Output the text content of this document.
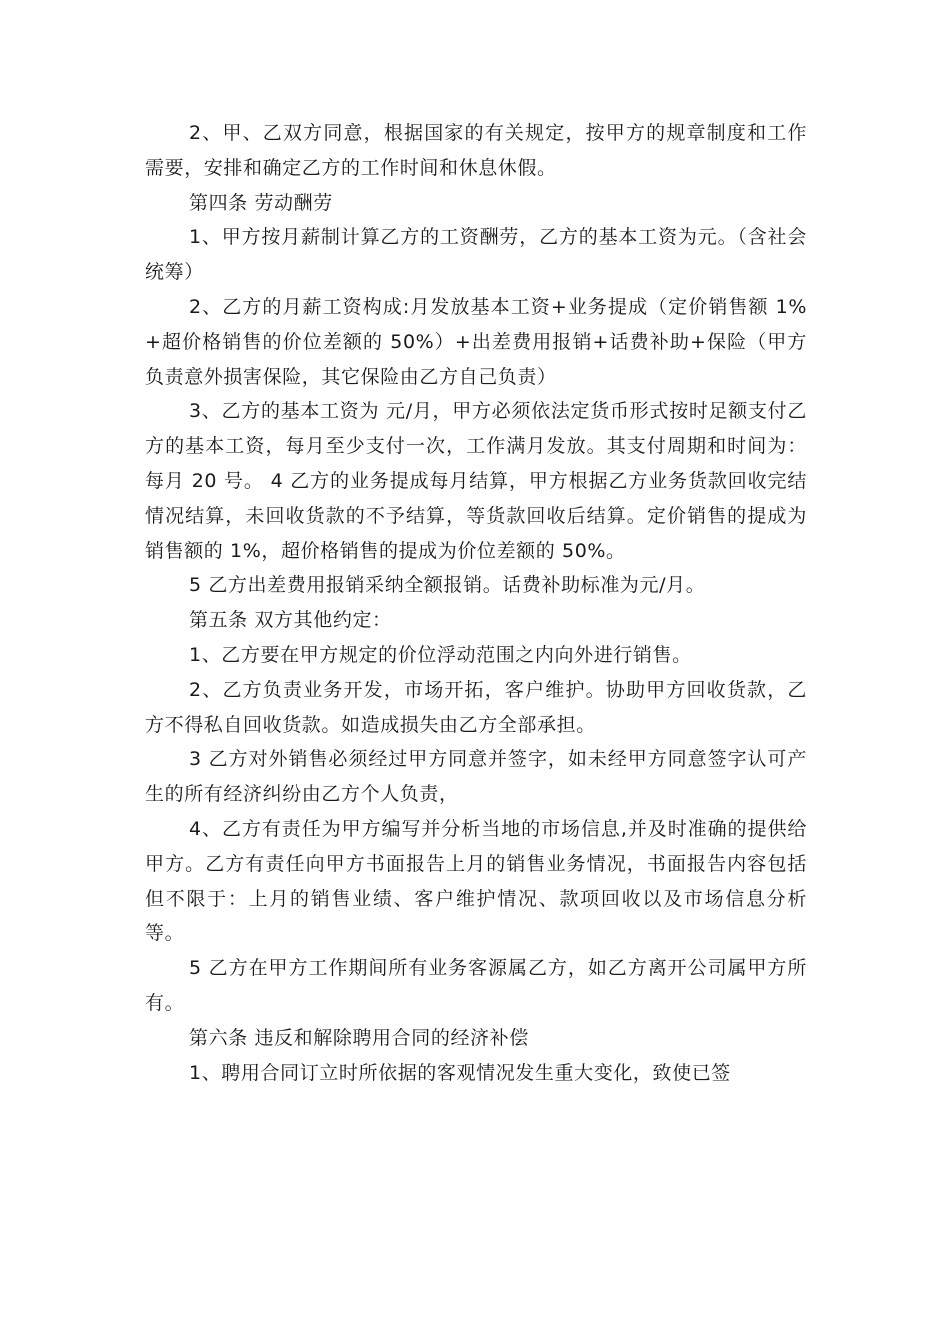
2、甲、乙双方同意，根据国家的有关规定，按甲方的规章制度和工作需要，安排和确定乙方的工作时间和休息休假。

第四条 劳动酬劳

1、甲方按月薪制计算乙方的工资酬劳，乙方的基本工资为元。（含社会统筹）

2、乙方的月薪工资构成:月发放基本工资+业务提成（定价销售额 1%+超价格销售的价位差额的 50%）+出差费用报销+话费补助+保险（甲方负责意外损害保险，其它保险由乙方自己负责）

3、乙方的基本工资为 元/月，甲方必须依法定货币形式按时足额支付乙方的基本工资，每月至少支付一次，工作满月发放。其支付周期和时间为：每月 20 号。 4 乙方的业务提成每月结算，甲方根据乙方业务货款回收完结情况结算，未回收货款的不予结算，等货款回收后结算。定价销售的提成为销售额的 1%，超价格销售的提成为价位差额的 50%。

5 乙方出差费用报销采纳全额报销。话费补助标准为元/月。

第五条 双方其他约定：

1、乙方要在甲方规定的价位浮动范围之内向外进行销售。

2、乙方负责业务开发，市场开拓，客户维护。协助甲方回收货款，乙方不得私自回收货款。如造成损失由乙方全部承担。

3 乙方对外销售必须经过甲方同意并签字，如未经甲方同意签字认可产生的所有经济纠纷由乙方个人负责，

4、乙方有责任为甲方编写并分析当地的市场信息,并及时准确的提供给甲方。乙方有责任向甲方书面报告上月的销售业务情况，书面报告内容包括但不限于：上月的销售业绩、客户维护情况、款项回收以及市场信息分析等。

5 乙方在甲方工作期间所有业务客源属乙方，如乙方离开公司属甲方所有。

第六条 违反和解除聘用合同的经济补偿

1、聘用合同订立时所依据的客观情况发生重大变化，致使已签
